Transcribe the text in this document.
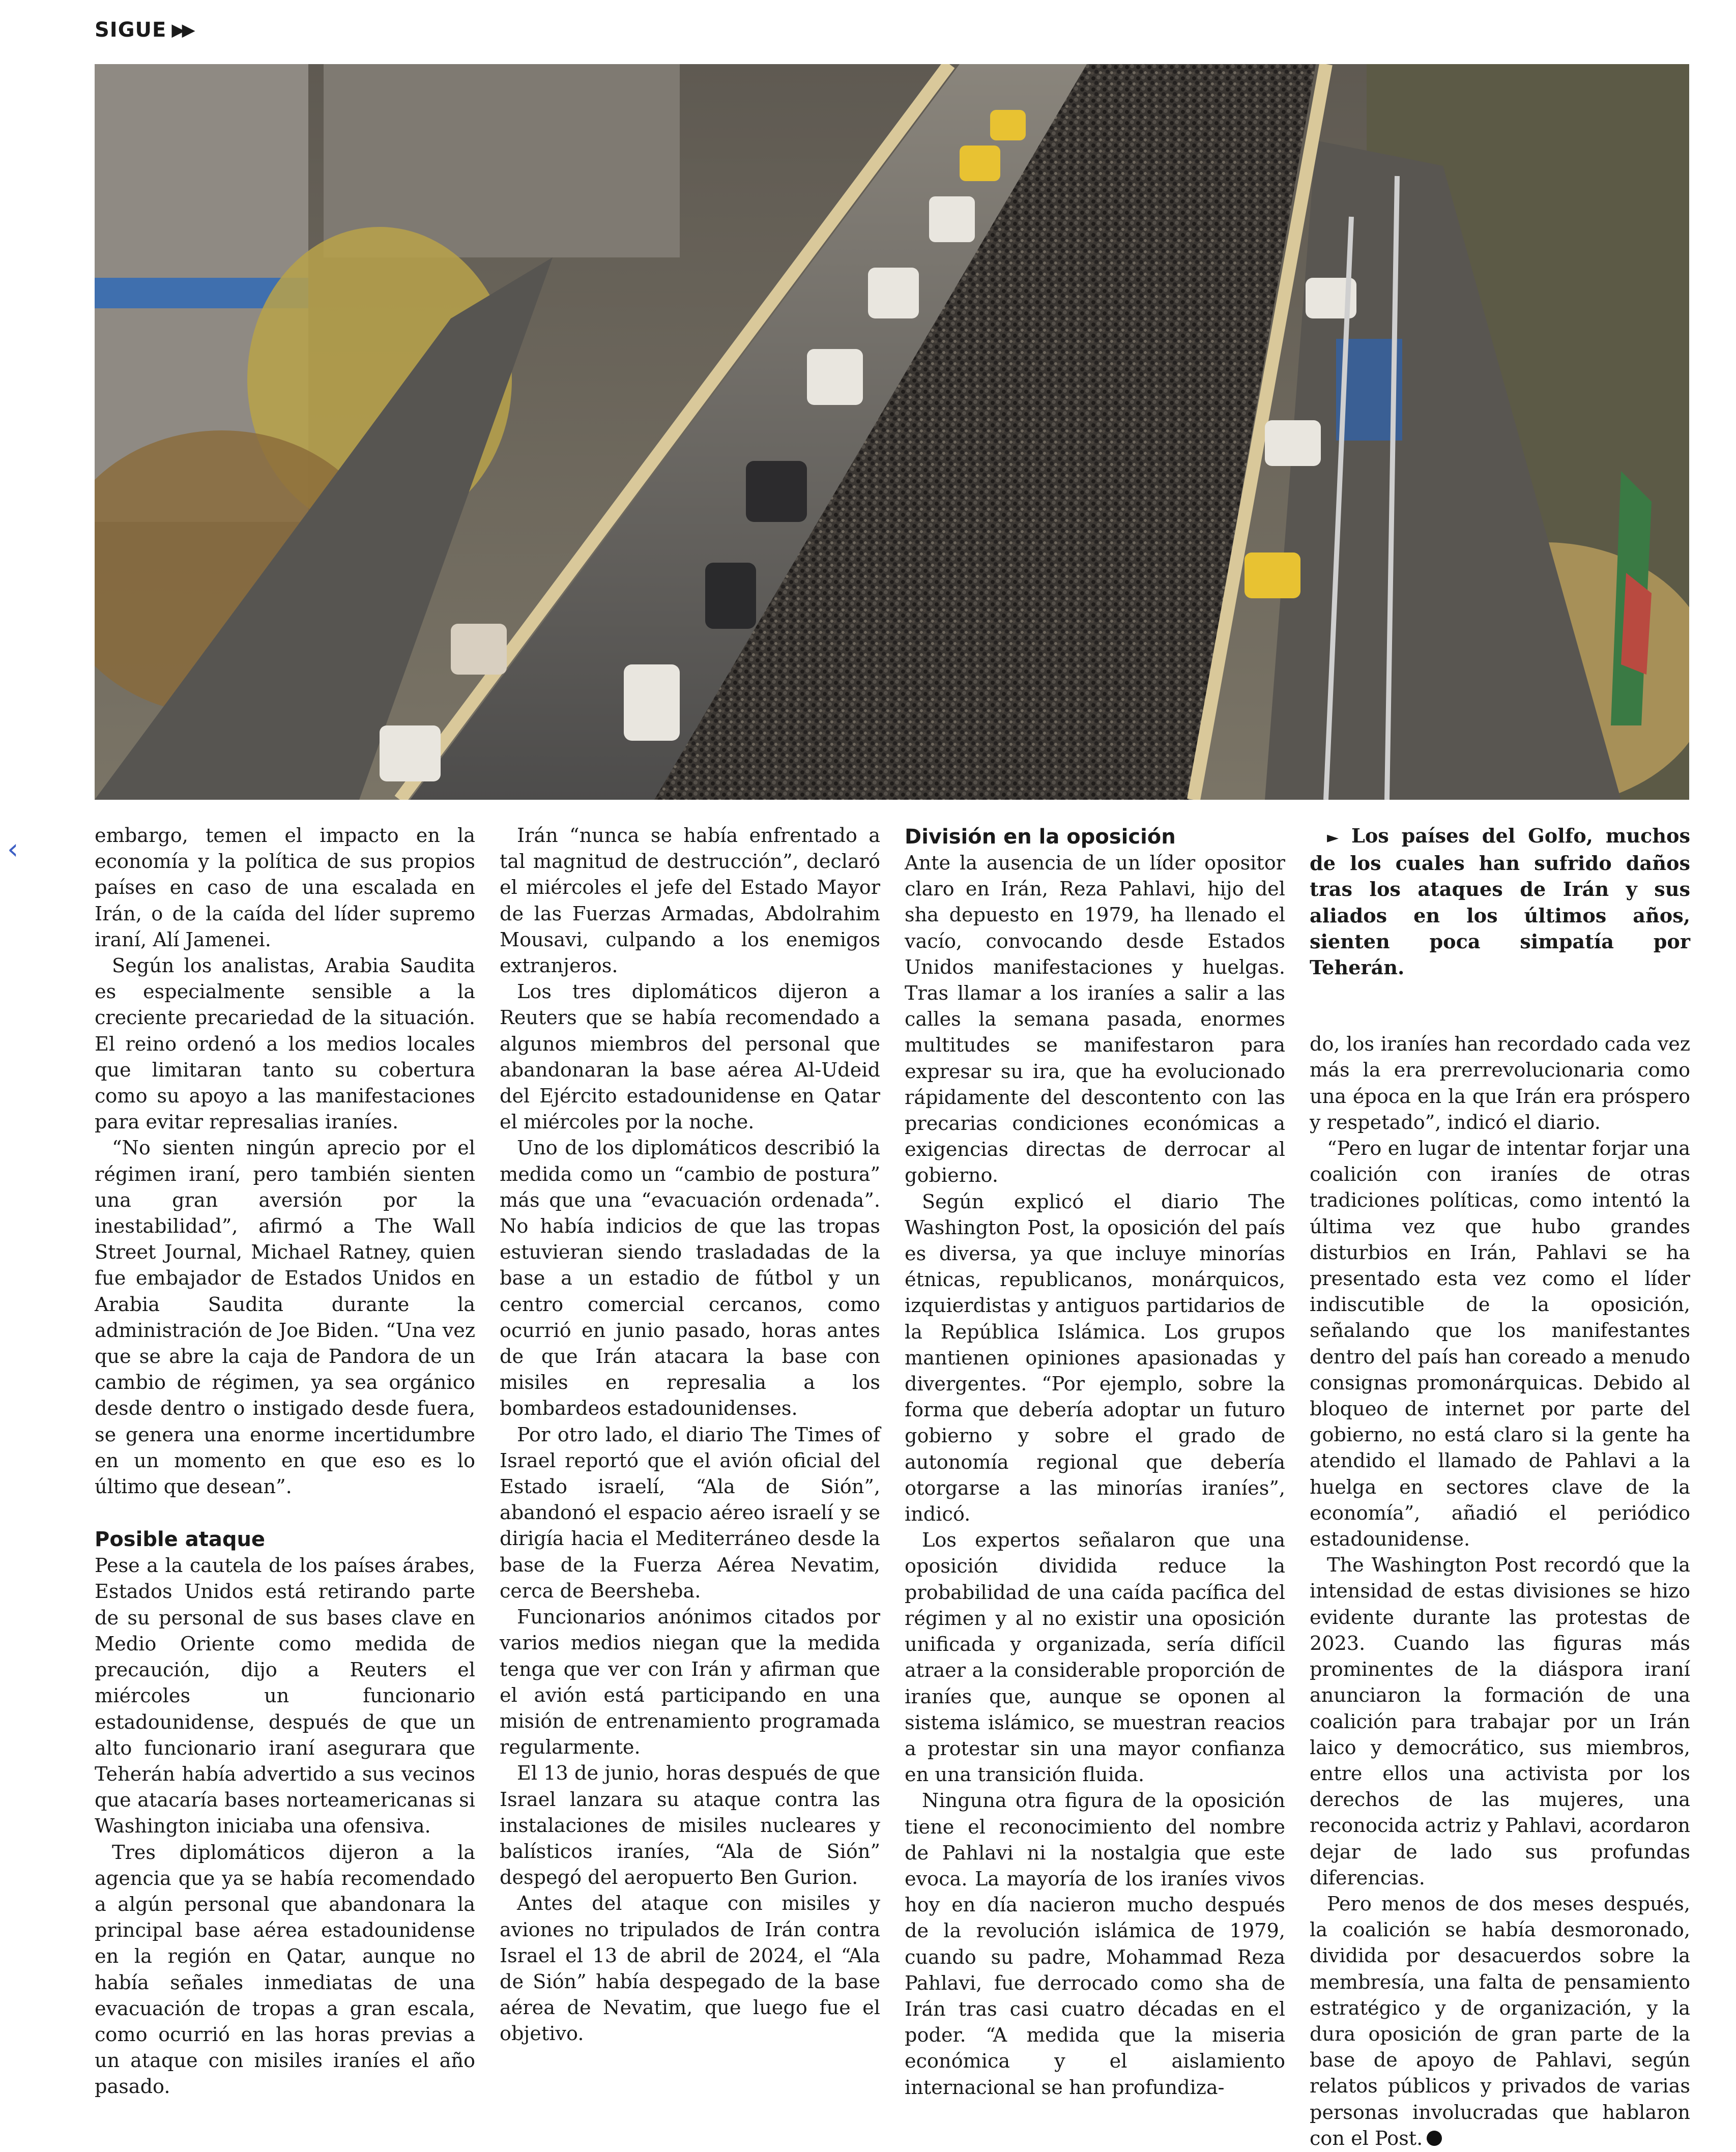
SIGUE ▶▶
‹	embargo, temen el impacto en la economía y la política de sus propios países en caso de una escalada en Irán, o de la caída del líder supremo iraní, Alí Jamenei.

Según los analistas, Arabia Saudita es especialmente sensible a la creciente precariedad de la situación. El reino ordenó a los medios locales que limitaran tanto su cobertura como su apoyo a las manifestaciones para evitar represalias iraníes.

“No sienten ningún aprecio por el régimen iraní, pero también sienten una gran aversión por la inestabilidad”, afirmó a The Wall Street Journal, Michael Ratney, quien fue embajador de Estados Unidos en Arabia Saudita durante la administración de Joe Biden. “Una vez que se abre la caja de Pandora de un cambio de régimen, ya sea orgánico desde dentro o instigado desde fuera, se genera una enorme incertidumbre en un momento en que eso es lo último que desean”.

Posible ataque

Pese a la cautela de los países árabes, Estados Unidos está retirando parte de su personal de sus bases clave en Medio Oriente como medida de precaución, dijo a Reuters el miércoles un funcionario estadounidense, después de que un alto funcionario iraní asegurara que Teherán había advertido a sus vecinos que atacaría bases norteamericanas si Washington iniciaba una ofensiva.

Tres diplomáticos dijeron a la agencia que ya se había recomendado a algún personal que abandonara la principal base aérea estadounidense en la región en Qatar, aunque no había señales inmediatas de una evacuación de tropas a gran escala, como ocurrió en las horas previas a un ataque con misiles iraníes el año pasado.

Irán “nunca se había enfrentado a tal magnitud de destrucción”, declaró el miércoles el jefe del Estado Mayor de las Fuerzas Armadas, Abdolrahim Mousavi, culpando a los enemigos extranjeros.

Los tres diplomáticos dijeron a Reuters que se había recomendado a algunos miembros del personal que abandonaran la base aérea Al-Udeid del Ejército estadounidense en Qatar el miércoles por la noche.

Uno de los diplomáticos describió la medida como un “cambio de postura” más que una “evacuación ordenada”. No había indicios de que las tropas estuvieran siendo trasladadas de la base a un estadio de fútbol y un centro comercial cercanos, como ocurrió en junio pasado, horas antes de que Irán atacara la base con misiles en represalia a los bombardeos estadounidenses.

Por otro lado, el diario The Times of Israel reportó que el avión oficial del Estado israelí, “Ala de Sión”, abandonó el espacio aéreo israelí y se dirigía hacia el Mediterráneo desde la base de la Fuerza Aérea Nevatim, cerca de Beersheba.

Funcionarios anónimos citados por varios medios niegan que la medida tenga que ver con Irán y afirman que el avión está participando en una misión de entrenamiento programada regularmente.

El 13 de junio, horas después de que Israel lanzara su ataque contra las instalaciones de misiles nucleares y balísticos iraníes, “Ala de Sión” despegó del aeropuerto Ben Gurion.

Antes del ataque con misiles y aviones no tripulados de Irán contra Israel el 13 de abril de 2024, el “Ala de Sión” había despegado de la base aérea de Nevatim, que luego fue el objetivo.

División en la oposición

Ante la ausencia de un líder opositor claro en Irán, Reza Pahlavi, hijo del sha depuesto en 1979, ha llenado el vacío, convocando desde Estados Unidos manifestaciones y huelgas. Tras llamar a los iraníes a salir a las calles la semana pasada, enormes multitudes se manifestaron para expresar su ira, que ha evolucionado rápidamente del descontento con las precarias condiciones económicas a exigencias directas de derrocar al gobierno.

Según explicó el diario The Washington Post, la oposición del país es diversa, ya que incluye minorías étnicas, republicanos, monárquicos, izquierdistas y antiguos partidarios de la República Islámica. Los grupos mantienen opiniones apasionadas y divergentes. “Por ejemplo, sobre la forma que debería adoptar un futuro gobierno y sobre el grado de autonomía regional que debería otorgarse a las minorías iraníes”, indicó.

Los expertos señalaron que una oposición dividida reduce la probabilidad de una caída pacífica del régimen y al no existir una oposición unificada y organizada, sería difícil atraer a la considerable proporción de iraníes que, aunque se oponen al sistema islámico, se muestran reacios a protestar sin una mayor confianza en una transición fluida.

Ninguna otra figura de la oposición tiene el reconocimiento del nombre de Pahlavi ni la nostalgia que este evoca. La mayoría de los iraníes vivos hoy en día nacieron mucho después de la revolución islámica de 1979, cuando su padre, Mohammad Reza Pahlavi, fue derrocado como sha de Irán tras casi cuatro décadas en el poder. “A medida que la miseria económica y el aislamiento internacional se han profundiza-

► Los países del Golfo, muchos de los cuales han sufrido daños tras los ataques de Irán y sus aliados en los últimos años, sienten poca simpatía por Teherán.

do, los iraníes han recordado cada vez más la era prerrevolucionaria como una época en la que Irán era próspero y respetado”, indicó el diario.

“Pero en lugar de intentar forjar una coalición con iraníes de otras tradiciones políticas, como intentó la última vez que hubo grandes disturbios en Irán, Pahlavi se ha presentado esta vez como el líder indiscutible de la oposición, señalando que los manifestantes dentro del país han coreado a menudo consignas promonárquicas. Debido al bloqueo de internet por parte del gobierno, no está claro si la gente ha atendido el llamado de Pahlavi a la huelga en sectores clave de la economía”, añadió el periódico estadounidense.

The Washington Post recordó que la intensidad de estas divisiones se hizo evidente durante las protestas de 2023. Cuando las figuras más prominentes de la diáspora iraní anunciaron la formación de una coalición para trabajar por un Irán laico y democrático, sus miembros, entre ellos una activista por los derechos de las mujeres, una reconocida actriz y Pahlavi, acordaron dejar de lado sus profundas diferencias.

Pero menos de dos meses después, la coalición se había desmoronado, dividida por desacuerdos sobre la membresía, una falta de pensamiento estratégico y de organización, y la dura oposición de gran parte de la base de apoyo de Pahlavi, según relatos públicos y privados de varias personas involucradas que hablaron con el Post.
